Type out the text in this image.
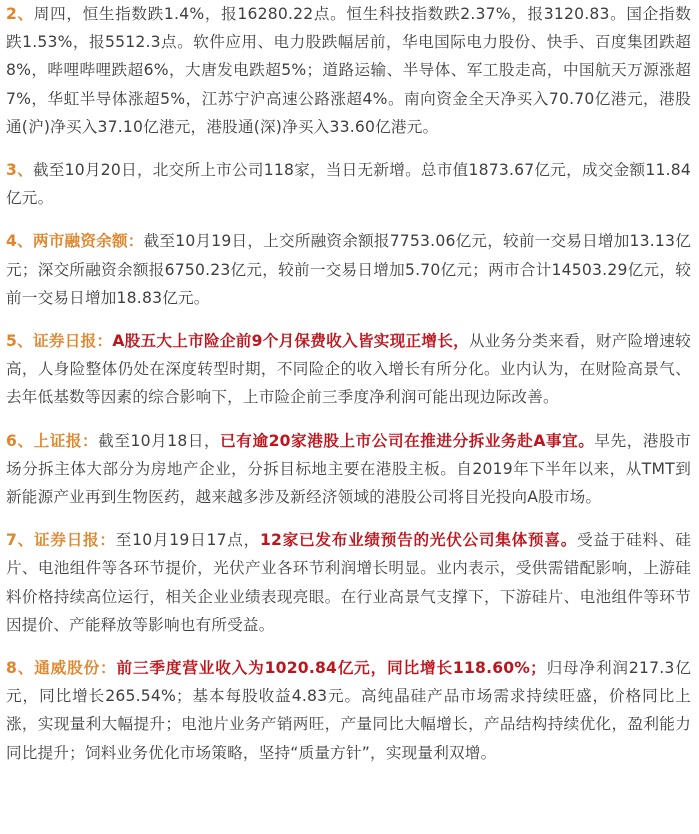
2、周四，恒生指数跌1.4%，报16280.22点。恒生科技指数跌2.37%，报3120.83。国企指数跌1.53%，报5512.3点。软件应用、电力股跌幅居前，华电国际电力股份、快手、百度集团跌超8%，哔哩哔哩跌超6%，大唐发电跌超5%；道路运输、半导体、军工股走高，中国航天万源涨超7%，华虹半导体涨超5%，江苏宁沪高速公路涨超4%。南向资金全天净买入70.70亿港元，港股通(沪)净买入37.10亿港元，港股通(深)净买入33.60亿港元。

3、截至10月20日，北交所上市公司118家，当日无新增。总市值1873.67亿元，成交金额11.84亿元。

4、两市融资余额：截至10月19日，上交所融资余额报7753.06亿元，较前一交易日增加13.13亿元；深交所融资余额报6750.23亿元，较前一交易日增加5.70亿元；两市合计14503.29亿元，较前一交易日增加18.83亿元。

5、证券日报：A股五大上市险企前9个月保费收入皆实现正增长，从业务分类来看，财产险增速较高，人身险整体仍处在深度转型时期，不同险企的收入增长有所分化。业内认为，在财险高景气、去年低基数等因素的综合影响下，上市险企前三季度净利润可能出现边际改善。

6、上证报：截至10月18日，已有逾20家港股上市公司在推进分拆业务赴A事宜。早先，港股市场分拆主体大部分为房地产企业，分拆目标地主要在港股主板。自2019年下半年以来，从TMT到新能源产业再到生物医药，越来越多涉及新经济领域的港股公司将目光投向A股市场。

7、证券日报：至10月19日17点，12家已发布业绩预告的光伏公司集体预喜。受益于硅料、硅片、电池组件等各环节提价，光伏产业各环节利润增长明显。业内表示，受供需错配影响，上游硅料价格持续高位运行，相关企业业绩表现亮眼。在行业高景气支撑下，下游硅片、电池组件等环节因提价、产能释放等影响也有所受益。

8、通威股份：前三季度营业收入为1020.84亿元，同比增长118.60%；归母净利润217.3亿元，同比增长265.54%；基本每股收益4.83元。高纯晶硅产品市场需求持续旺盛，价格同比上涨，实现量利大幅提升；电池片业务产销两旺，产量同比大幅增长，产品结构持续优化，盈利能力同比提升；饲料业务优化市场策略，坚持“质量方针”，实现量利双增。
